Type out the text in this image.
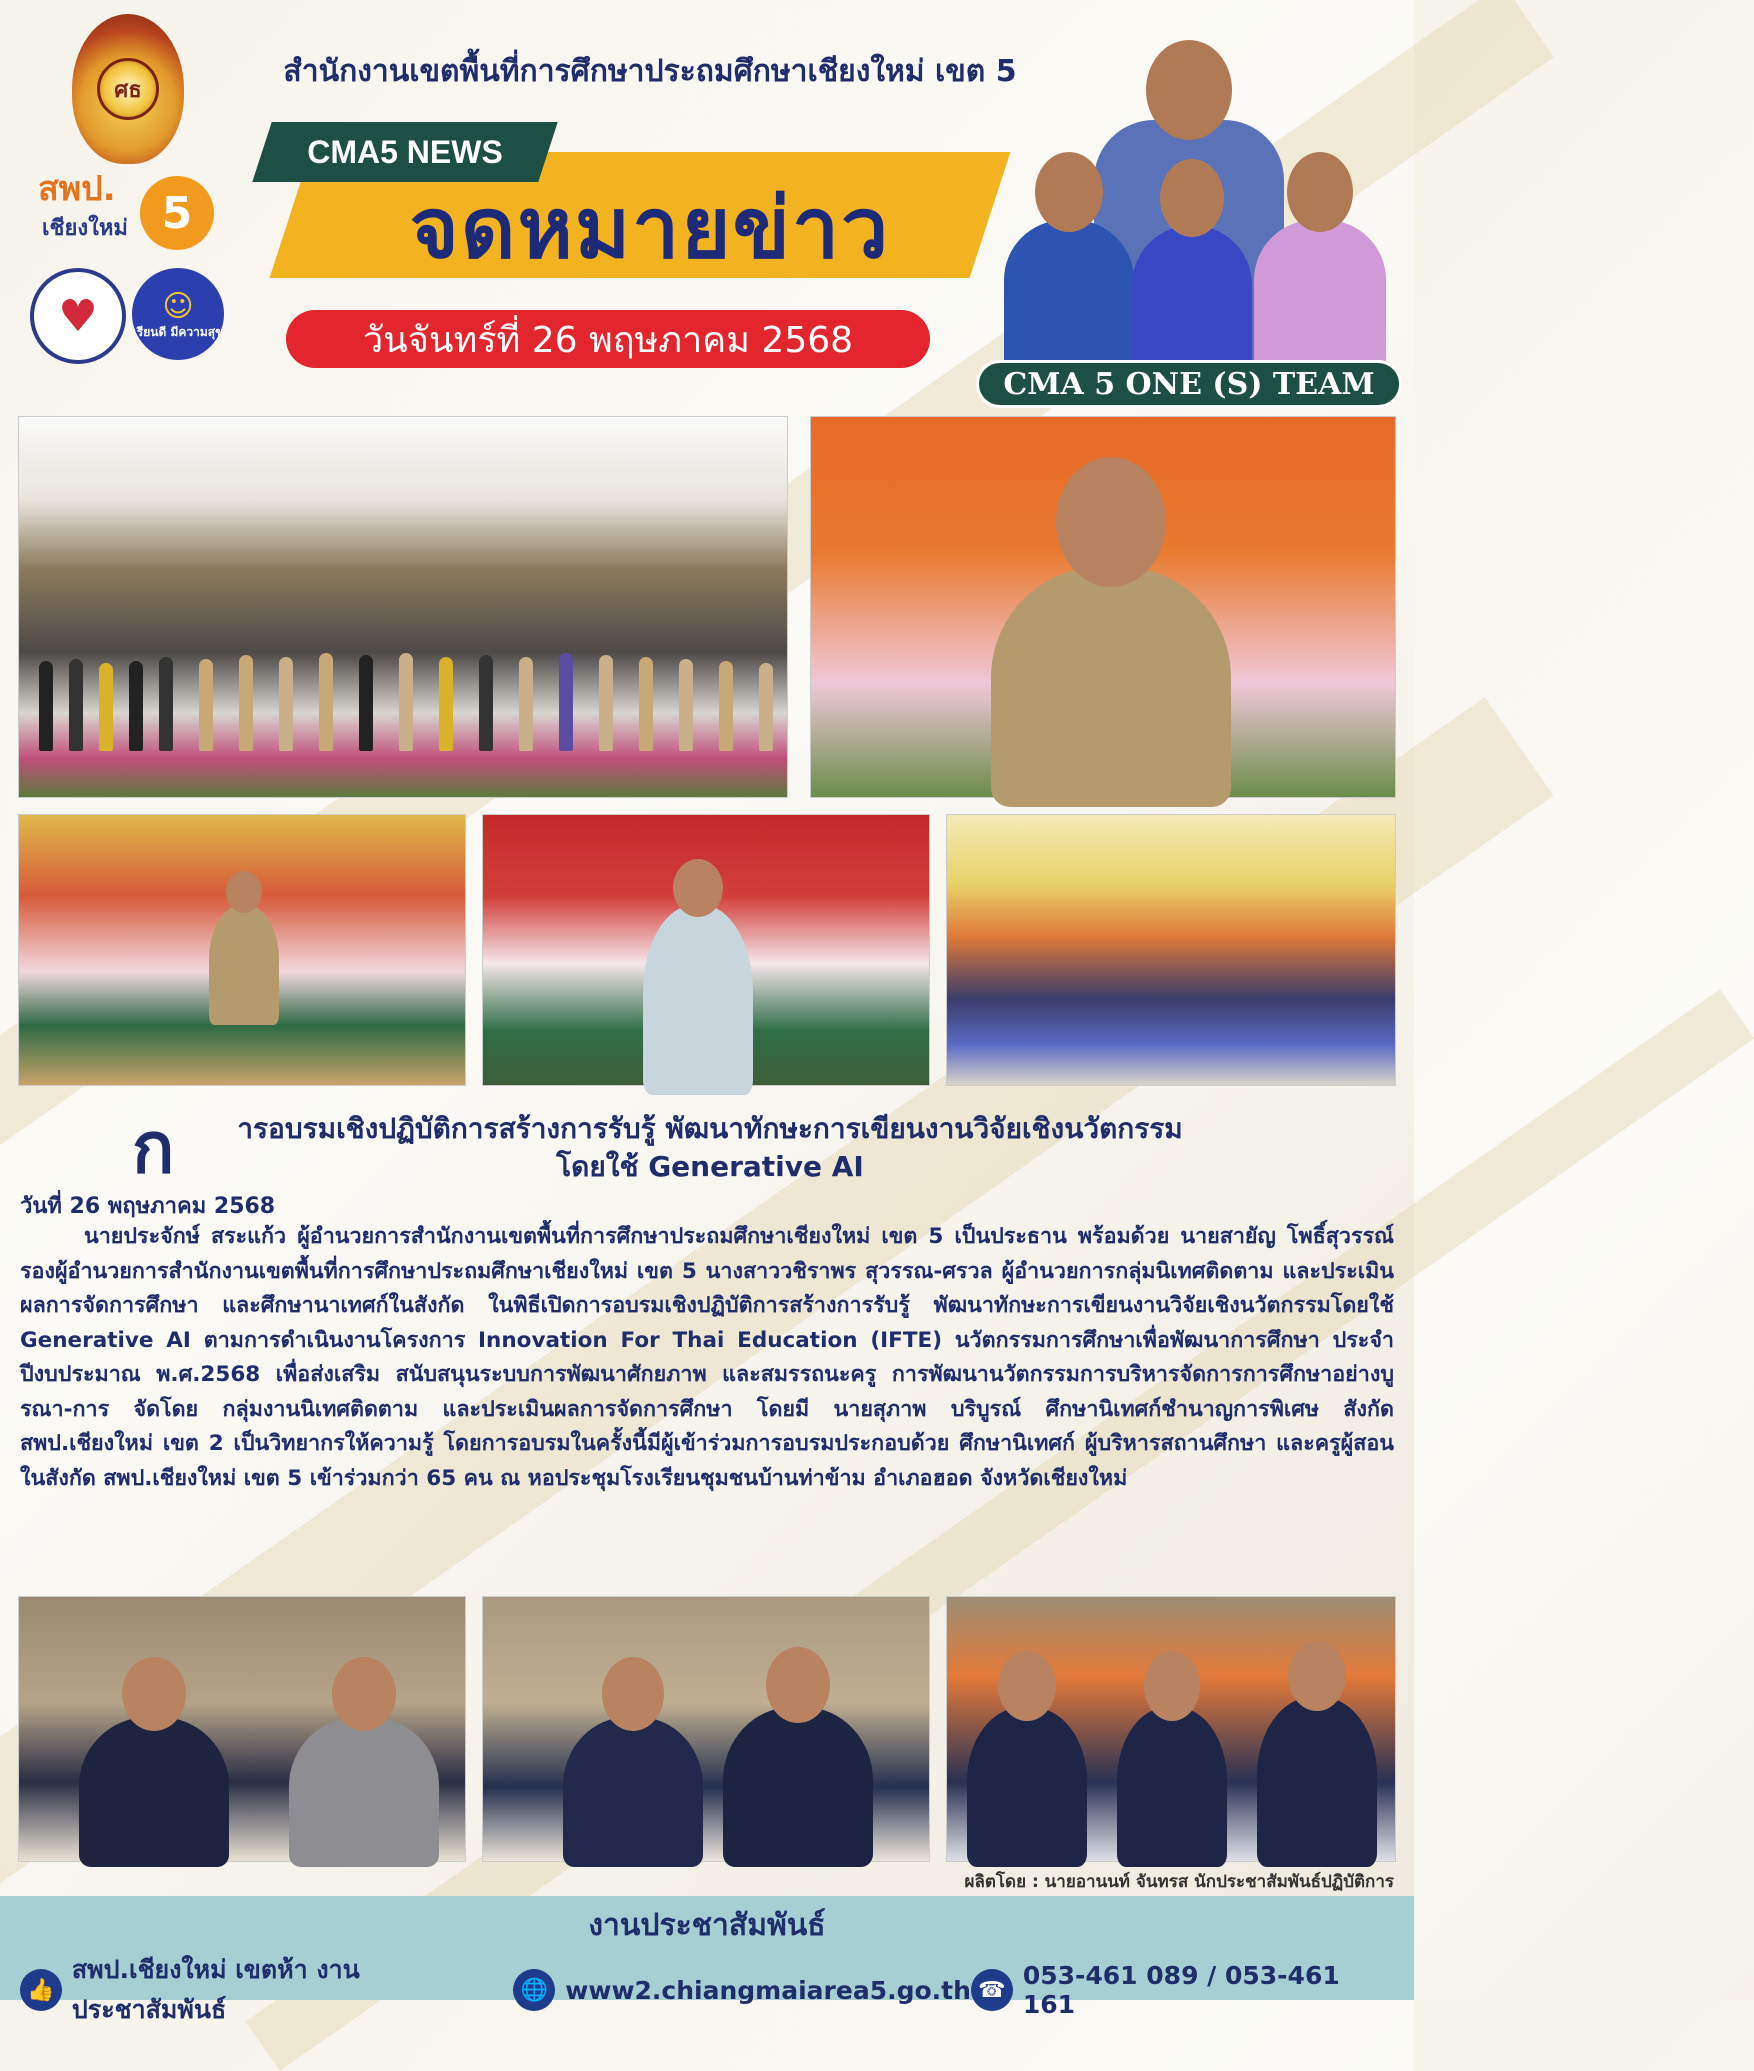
ศธ
สพป.
เชียงใหม่ 5
♥	☺
เรียนดี มีความสุข
สำนักงานเขตพื้นที่การศึกษาประถมศึกษาเชียงใหม่ เขต 5
CMA5 NEWS
จดหมายข่าว
วันจันทร์ที่ 26 พฤษภาคม 2568
CMA 5 ONE (S) TEAM
ก	ารอบรมเชิงปฏิบัติการสร้างการรับรู้ พัฒนาทักษะการเขียนงานวิจัยเชิงนวัตกรรม
โดยใช้ Generative AI
วันที่ 26 พฤษภาคม 2568
นายประจักษ์ สระแก้ว ผู้อำนวยการสำนักงานเขตพื้นที่การศึกษาประถมศึกษาเชียงใหม่ เขต 5 เป็นประธาน พร้อมด้วย นายสายัญ โพธิ์สุวรรณ์ รองผู้อำนวยการสำนักงานเขตพื้นที่การศึกษาประถมศึกษาเชียงใหม่ เขต 5 นางสาววชิราพร สุวรรณ-ศรวล ผู้อำนวยการกลุ่มนิเทศติดตาม และประเมินผลการจัดการศึกษา และศึกษานาเทศก์ในสังกัด ในพิธีเปิดการอบรมเชิงปฏิบัติการสร้างการรับรู้ พัฒนาทักษะการเขียนงานวิจัยเชิงนวัตกรรมโดยใช้ Generative AI ตามการดำเนินงานโครงการ Innovation For Thai Education (IFTE) นวัตกรรมการศึกษาเพื่อพัฒนาการศึกษา ประจำปีงบประมาณ พ.ศ.2568 เพื่อส่งเสริม สนับสนุนระบบการพัฒนาศักยภาพ และสมรรถนะครู การพัฒนานวัตกรรมการบริหารจัดการการศึกษาอย่างบูรณา-การ จัดโดย กลุ่มงานนิเทศติดตาม และประเมินผลการจัดการศึกษา โดยมี นายสุภาพ บริบูรณ์ ศึกษานิเทศก์ชำนาญการพิเศษ สังกัด สพป.เชียงใหม่ เขต 2 เป็นวิทยากรให้ความรู้ โดยการอบรมในครั้งนี้มีผู้เข้าร่วมการอบรมประกอบด้วย ศึกษานิเทศก์ ผู้บริหารสถานศึกษา และครูผู้สอน ในสังกัด สพป.เชียงใหม่ เขต 5 เข้าร่วมกว่า 65 คน ณ หอประชุมโรงเรียนชุมชนบ้านท่าข้าม อำเภอฮอด จังหวัดเชียงใหม่
ผลิตโดย : นายอานนท์ จันทรส นักประชาสัมพันธ์ปฏิบัติการ
งานประชาสัมพันธ์
👍
สพป.เชียงใหม่ เขตห้า งานประชาสัมพันธ์
🌐 www2.chiangmaiarea5.go.th ☎ 053-461 089 / 053-461 161
